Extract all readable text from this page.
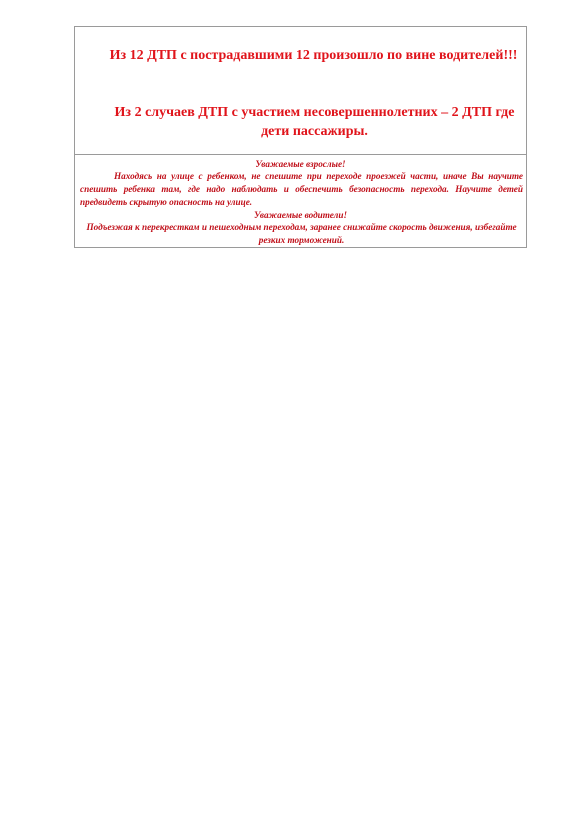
Из 12 ДТП с пострадавшими 12 произошло по вине водителей!!!

Из 2 случаев ДТП с участием несовершеннолетних – 2 ДТП где дети пассажиры.

Уважаемые взрослые!

Находясь на улице с ребенком, не спешите при переходе проезжей части, иначе Вы научите спешить ребенка там, где надо наблюдать и обеспечить безопасность перехода. Научите детей предвидеть скрытую опасность на улице.

Уважаемые водители!

Подъезжая к перекресткам и пешеходным переходам, заранее снижайте скорость движения, избегайте резких торможений.
